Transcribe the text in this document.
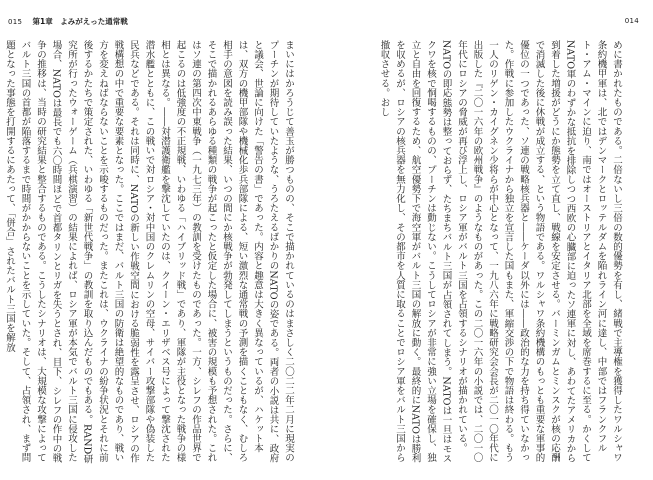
015 第1章　よみがえった通常戦	014

めに書かれたものである。二倍ないし三倍の数的優勢を有し、緒戦で主導権を獲得したワルシャワ条約機甲軍は、北ではデンマークとロッテルダムを陥れライン河に達し、中部ではフランクフルト・アム・マインに迫り、南ではオーストリアとイタリア北部を全域を席巻するに至る。かくしてNATO軍のわずかな抵抗を排除しつつ西欧の心臓部に迫ったソ連軍に対し、あわてたアメリカから到着した増援がどうにか態勢を立て直し、戦線を安定させる。バーミンガムとミンスクが核の応酬で消滅した後に休戦が成立する、という物語である。ワルシャワ条約機構のもっとも重要な軍事的優位の一つであった、ソ連の戦略核兵器と――ケーダ以外には――政治的な力を持ち得ていなかった。作戦に参加したウクライナから独立を宣言した国もまた、軍縮交渉の下で物語は終わる。もう一人のリゲン・カイグネン少将らが中心となって、一九八六年に戦略研究会会長が二〇一〇年代に出版した『二〇一六年の欧州戦争』のようなものがあった。この二〇一六年の小説では、二〇一〇年代にロシアの脅威が再び浮上し、ロシア軍がバルト三国を占領するシナリオが描かれている。NATOの即応態勢は整っておらず、たちまちバルト三国が占領されてしまう。NATOは一旦はモスクワを核で恫喝するものの、プーチンは動じない。こうしてロシアが非常に強い立場を確保し、独立と自由を回復するため、航空優勢下で海空軍がバルト三国の解放に動く。最終的にNATOは勝利を収めるが、ロシアの核兵器を無力化し、その都市を人質に取ることでロシア軍をバルト三国から撤収させる。おし

まいにはかろうじて善玉が勝つものの、そこで描かれているのはまさしく二〇二二年二月に現実のプーチンが期待していたような、うろたえるばかりのNATOの姿である。両者の小説は共に、政府と議会、世論に向けた「警告の書」であった。内容と趣意は大きく異なっているが、ハケット本は、双方の機甲部隊や機械化歩兵部隊による、短い激烈な通常戦の予測を描くこともなく、むしろ相手の意図を読み誤った結果、いつの間にか核戦争が勃発してしまうというものだった。さらに、そこで描かれるあらゆる種類の戦争が起こったと仮定した場合に、被害の規模も予想された。これはソ連の第四次中東戦争（一九七三年）の教訓を受けたものであった。一方、シレフの作品世界で起こるのは低強度の不正規戦、いわゆる「ハイブリッド戦」であり、軍隊が主役となった戦争の様相とは異なる。――対潜護衛艦を撃沈していたのは、クイーン・エリザベス号によって撃沈された潜水艦とともに、この戦いで対ロシア・対中国のクレムリンの空母、サイバー攻撃部隊や偽装した民兵などである。それは同時に、NATOの新しい作戦空間における脆弱性を露呈させ、ロシアの作戦構想の中で重要な要素となった。ここではまだ、バルト三国の防衛は絶望的なものであり、戦い方を変えねばならないことを示唆するものだった。またこれは、ウクライナの紛争状況とそれに前後するかたちで策定された、いわゆる「新世代戦争」の教訓を取り込んだものでもある。RAND研究所が行ったウォーゲーム（兵棋演習）の結果によれば、ロシア軍が本気でバルト三国に侵攻した場合、NATOは最長でも六〇時間ほどで首都タリンとリガを失うとされ、目下、シレフの作中の戦争の推移は、当時の研究結果と整合するものである。こうしたシナリオは、大規模な攻撃によってバルト三国の首都が陥落するまで時間がかからないことを示していた。そして、占領され、まず問題となった事態を打開するにあたって、「併合」されたバルト三国を解放
